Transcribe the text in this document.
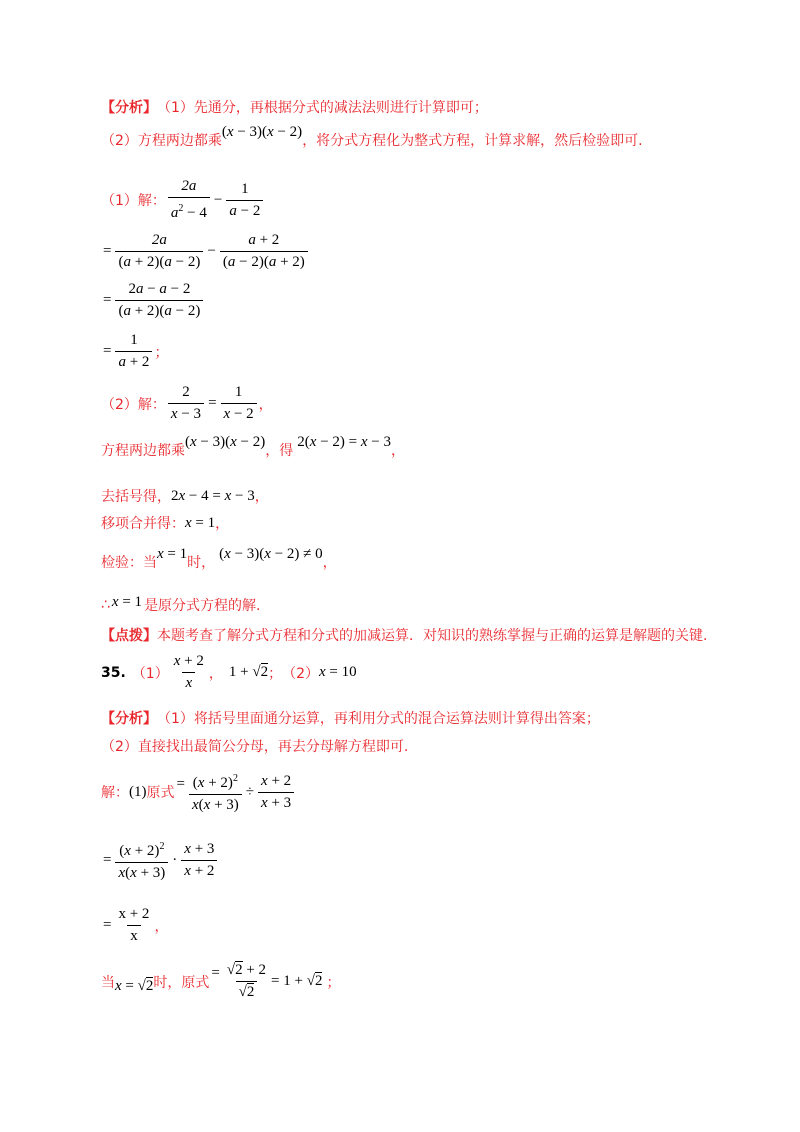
【分析】 （1）先通分，再根据分式的减法法则进行计算即可；
（2）方程两边都乘
(x − 3)(x − 2)
，将分式方程化为整式方程，计算求解，然后检验即可.
（1）解： $\frac{2a}{a^2 - 4} - \frac{1}{a - 2}$
= $\frac{2a}{(a + 2)(a - 2)} - \frac{a + 2}{(a - 2)(a + 2)}$
= $\frac{2a - a - 2}{(a + 2)(a - 2)}$
= $\frac{1}{a + 2}$ ；
（2）解： $\frac{2}{x - 3} = \frac{1}{x - 2}$ ，
方程两边都乘
(x − 3)(x − 2)
，得
2(x − 2) = x − 3
，
去括号得， 2x − 4 = x − 3 ，
移项合并得： x = 1 ，
检验：当
x = 1
时，
(x − 3)(x − 2) ≠ 0
，
∴ x = 1 是原分式方程的解.
【点拨】 本题考查了解分式方程和分式的加减运算．对知识的熟练掌握与正确的运算是解题的关键.
35. $(1) \frac{x + 2}{x}$ ， 1 + √2 ； （2） x = 10
【分析】 （1）将括号里面通分运算，再利用分式的混合运算法则计算得出答案；
（2）直接找出最简公分母，再去分母解方程即可.
解： (1) 原式
= $\frac{(x + 2)^2}{x(x + 3)} \div \frac{x + 2}{x + 3}$
= $\frac{(x + 2)^2}{x(x + 3)} \cdot \frac{x + 3}{x + 2}$
= $\frac{x + 2}{x}$ ，
当 x = √2 时，原式
= $\frac{√2 + 2}{√2} = 1 + √2$ ；
